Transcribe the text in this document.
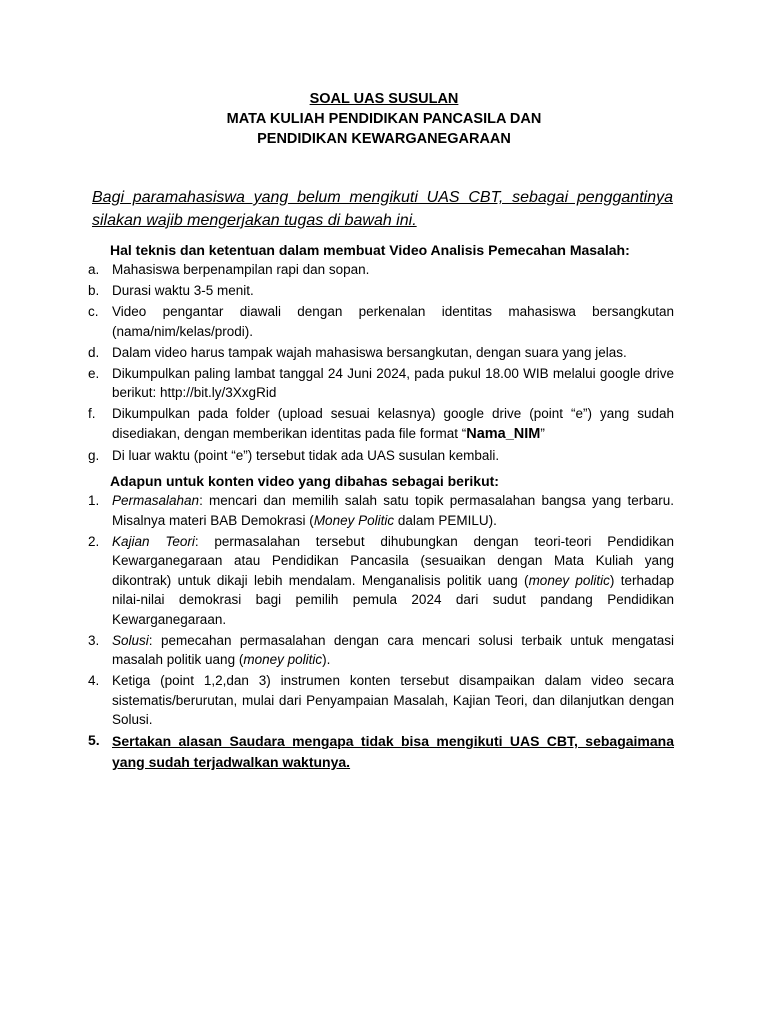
SOAL UAS SUSULAN
MATA KULIAH PENDIDIKAN PANCASILA DAN
PENDIDIKAN KEWARGANEGARAAN
Bagi paramahasiswa yang belum mengikuti UAS CBT, sebagai penggantinya silakan wajib mengerjakan tugas di bawah ini.
Hal teknis dan ketentuan dalam membuat Video Analisis Pemecahan Masalah:
a. Mahasiswa berpenampilan rapi dan sopan.
b. Durasi waktu 3-5 menit.
c. Video pengantar diawali dengan perkenalan identitas mahasiswa bersangkutan (nama/nim/kelas/prodi).
d. Dalam video harus tampak wajah mahasiswa bersangkutan, dengan suara yang jelas.
e. Dikumpulkan paling lambat tanggal 24 Juni 2024, pada pukul 18.00 WIB melalui google drive berikut: http://bit.ly/3XxgRid
f. Dikumpulkan pada folder (upload sesuai kelasnya) google drive (point “e”) yang sudah disediakan, dengan memberikan identitas pada file format “Nama_NIM”
g. Di luar waktu (point “e”) tersebut tidak ada UAS susulan kembali.
Adapun untuk konten video yang dibahas sebagai berikut:
1. Permasalahan: mencari dan memilih salah satu topik permasalahan bangsa yang terbaru. Misalnya materi BAB Demokrasi (Money Politic dalam PEMILU).
2. Kajian Teori: permasalahan tersebut dihubungkan dengan teori-teori Pendidikan Kewarganegaraan atau Pendidikan Pancasila (sesuaikan dengan Mata Kuliah yang dikontrak) untuk dikaji lebih mendalam. Menganalisis politik uang (money politic) terhadap nilai-nilai demokrasi bagi pemilih pemula 2024 dari sudut pandang Pendidikan Kewarganegaraan.
3. Solusi: pemecahan permasalahan dengan cara mencari solusi terbaik untuk mengatasi masalah politik uang (money politic).
4. Ketiga (point 1,2,dan 3) instrumen konten tersebut disampaikan dalam video secara sistematis/berurutan, mulai dari Penyampaian Masalah, Kajian Teori, dan dilanjutkan dengan Solusi.
5. Sertakan alasan Saudara mengapa tidak bisa mengikuti UAS CBT, sebagaimana yang sudah terjadwalkan waktunya.
